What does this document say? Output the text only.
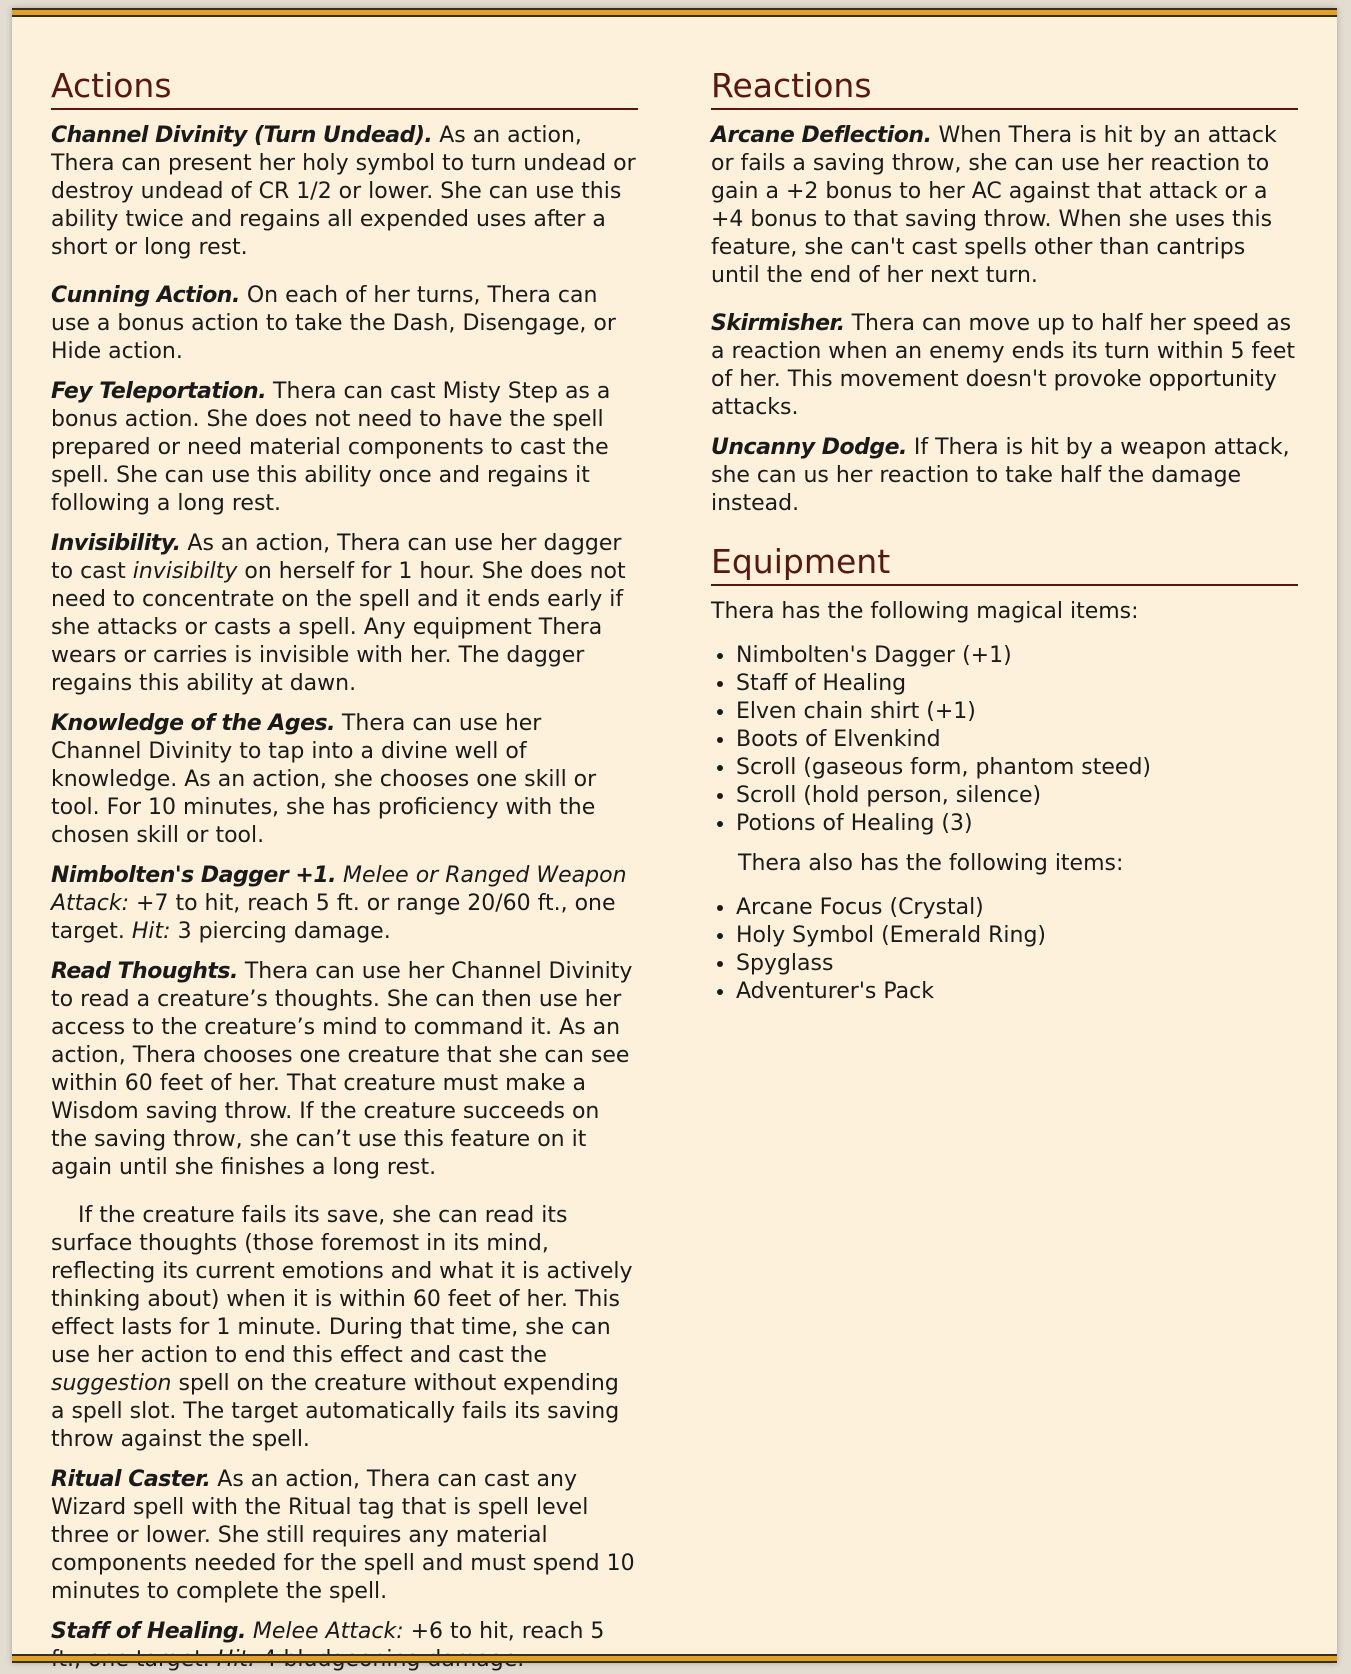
Actions

Channel Divinity (Turn Undead). As an action, Thera can present her holy symbol to turn undead or destroy undead of CR 1/2 or lower. She can use this ability twice and regains all expended uses after a short or long rest.

Cunning Action. On each of her turns, Thera can use a bonus action to take the Dash, Disengage, or Hide action.

Fey Teleportation. Thera can cast Misty Step as a bonus action. She does not need to have the spell prepared or need material components to cast the spell. She can use this ability once and regains it following a long rest.

Invisibility. As an action, Thera can use her dagger to cast invisibilty on herself for 1 hour. She does not need to concentrate on the spell and it ends early if she attacks or casts a spell. Any equipment Thera wears or carries is invisible with her. The dagger regains this ability at dawn.

Knowledge of the Ages. Thera can use her Channel Divinity to tap into a divine well of knowledge. As an action, she chooses one skill or tool. For 10 minutes, she has proficiency with the chosen skill or tool.

Nimbolten's Dagger +1. Melee or Ranged Weapon Attack: +7 to hit, reach 5 ft. or range 20/60 ft., one target. Hit: 3 piercing damage.

Read Thoughts. Thera can use her Channel Divinity to read a creature’s thoughts. She can then use her access to the creature’s mind to command it. As an action, Thera chooses one creature that she can see within 60 feet of her. That creature must make a Wisdom saving throw. If the creature succeeds on the saving throw, she can’t use this feature on it again until she finishes a long rest.

If the creature fails its save, she can read its surface thoughts (those foremost in its mind, reflecting its current emotions and what it is actively thinking about) when it is within 60 feet of her. This effect lasts for 1 minute. During that time, she can use her action to end this effect and cast the suggestion spell on the creature without expending a spell slot. The target automatically fails its saving throw against the spell.

Ritual Caster. As an action, Thera can cast any Wizard spell with the Ritual tag that is spell level three or lower. She still requires any material components needed for the spell and must spend 10 minutes to complete the spell.

Staff of Healing. Melee Attack: +6 to hit, reach 5

Reactions

Arcane Deflection. When Thera is hit by an attack or fails a saving throw, she can use her reaction to gain a +2 bonus to her AC against that attack or a +4 bonus to that saving throw. When she uses this feature, she can't cast spells other than cantrips until the end of her next turn.

Skirmisher. Thera can move up to half her speed as a reaction when an enemy ends its turn within 5 feet of her. This movement doesn't provoke opportunity attacks.

Uncanny Dodge. If Thera is hit by a weapon attack, she can us her reaction to take half the damage instead.

Equipment

Thera has the following magical items:

• Nimbolten's Dagger (+1)
• Staff of Healing
• Elven chain shirt (+1)
• Boots of Elvenkind
• Scroll (gaseous form, phantom steed)
• Scroll (hold person, silence)
• Potions of Healing (3)

Thera also has the following items:

• Arcane Focus (Crystal)
• Holy Symbol (Emerald Ring)
• Spyglass
• Adventurer's Pack
